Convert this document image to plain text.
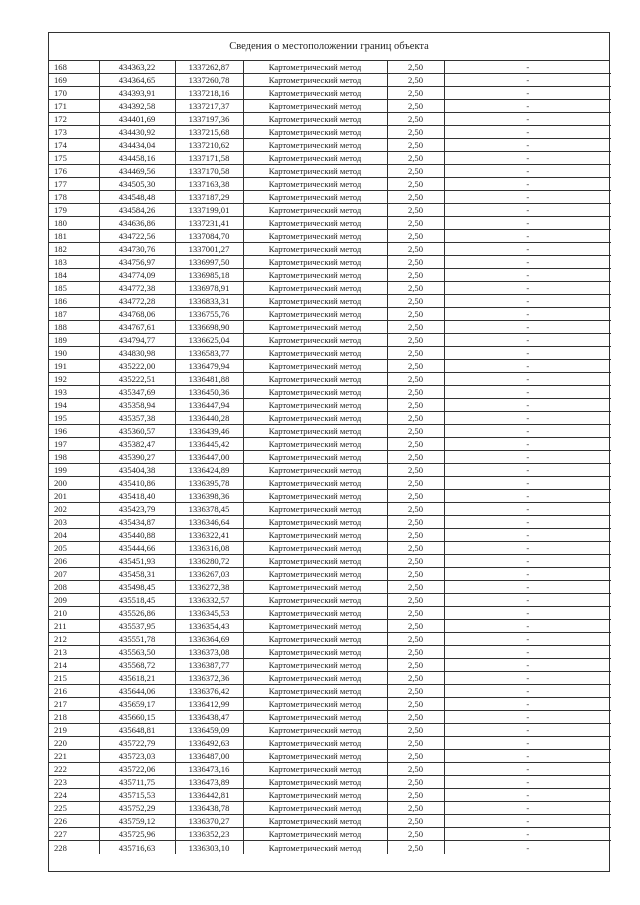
Сведения о местоположении границ объекта
168	434363,22	1337262,87	Картометрический метод	2,50	-
169	434364,65	1337260,78	Картометрический метод	2,50	-
170	434393,91	1337218,16	Картометрический метод	2,50	-
171	434392,58	1337217,37	Картометрический метод	2,50	-
172	434401,69	1337197,36	Картометрический метод	2,50	-
173	434430,92	1337215,68	Картометрический метод	2,50	-
174	434434,04	1337210,62	Картометрический метод	2,50	-
175	434458,16	1337171,58	Картометрический метод	2,50	-
176	434469,56	1337170,58	Картометрический метод	2,50	-
177	434505,30	1337163,38	Картометрический метод	2,50	-
178	434548,48	1337187,29	Картометрический метод	2,50	-
179	434584,26	1337199,01	Картометрический метод	2,50	-
180	434636,86	1337231,41	Картометрический метод	2,50	-
181	434722,56	1337084,70	Картометрический метод	2,50	-
182	434730,76	1337001,27	Картометрический метод	2,50	-
183	434756,97	1336997,50	Картометрический метод	2,50	-
184	434774,09	1336985,18	Картометрический метод	2,50	-
185	434772,38	1336978,91	Картометрический метод	2,50	-
186	434772,28	1336833,31	Картометрический метод	2,50	-
187	434768,06	1336755,76	Картометрический метод	2,50	-
188	434767,61	1336698,90	Картометрический метод	2,50	-
189	434794,77	1336625,04	Картометрический метод	2,50	-
190	434830,98	1336583,77	Картометрический метод	2,50	-
191	435222,00	1336479,94	Картометрический метод	2,50	-
192	435222,51	1336481,88	Картометрический метод	2,50	-
193	435347,69	1336450,36	Картометрический метод	2,50	-
194	435358,94	1336447,94	Картометрический метод	2,50	-
195	435357,38	1336440,28	Картометрический метод	2,50	-
196	435360,57	1336439,46	Картометрический метод	2,50	-
197	435382,47	1336445,42	Картометрический метод	2,50	-
198	435390,27	1336447,00	Картометрический метод	2,50	-
199	435404,38	1336424,89	Картометрический метод	2,50	-
200	435410,86	1336395,78	Картометрический метод	2,50	-
201	435418,40	1336398,36	Картометрический метод	2,50	-
202	435423,79	1336378,45	Картометрический метод	2,50	-
203	435434,87	1336346,64	Картометрический метод	2,50	-
204	435440,88	1336322,41	Картометрический метод	2,50	-
205	435444,66	1336316,08	Картометрический метод	2,50	-
206	435451,93	1336280,72	Картометрический метод	2,50	-
207	435458,31	1336267,03	Картометрический метод	2,50	-
208	435498,45	1336272,38	Картометрический метод	2,50	-
209	435518,45	1336332,57	Картометрический метод	2,50	-
210	435526,86	1336345,53	Картометрический метод	2,50	-
211	435537,95	1336354,43	Картометрический метод	2,50	-
212	435551,78	1336364,69	Картометрический метод	2,50	-
213	435563,50	1336373,08	Картометрический метод	2,50	-
214	435568,72	1336387,77	Картометрический метод	2,50	-
215	435618,21	1336372,36	Картометрический метод	2,50	-
216	435644,06	1336376,42	Картометрический метод	2,50	-
217	435659,17	1336412,99	Картометрический метод	2,50	-
218	435660,15	1336438,47	Картометрический метод	2,50	-
219	435648,81	1336459,09	Картометрический метод	2,50	-
220	435722,79	1336492,63	Картометрический метод	2,50	-
221	435723,03	1336487,00	Картометрический метод	2,50	-
222	435722,06	1336473,16	Картометрический метод	2,50	-
223	435711,75	1336473,89	Картометрический метод	2,50	-
224	435715,53	1336442,81	Картометрический метод	2,50	-
225	435752,29	1336438,78	Картометрический метод	2,50	-
226	435759,12	1336370,27	Картометрический метод	2,50	-
227	435725,96	1336352,23	Картометрический метод	2,50	-
228	435716,63	1336303,10	Картометрический метод	2,50	-
